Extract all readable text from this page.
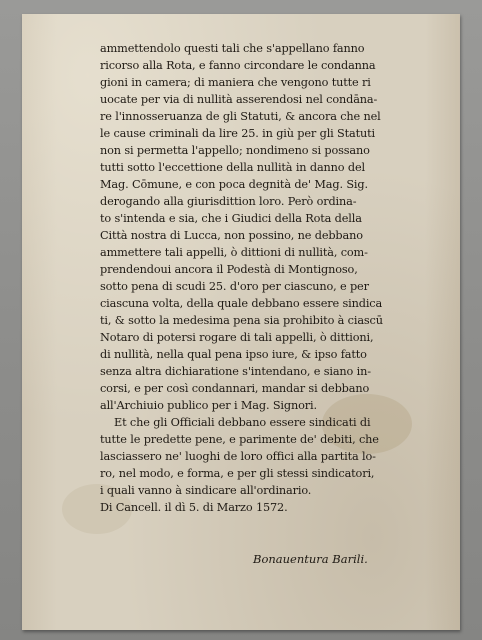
ammettendolo questi tali che s'appellano fanno
ricorso alla Rota, e fanno circondare le condanna
gioni in camera; di maniera che vengono tutte ri
uocate per via di nullità asserendosi nel condāna-
re l'innosseruanza de gli Statuti, & ancora che nel
le cause criminali da lire 25. in giù per gli Statuti
non si permetta l'appello; nondimeno si possano
tutti sotto l'eccettione della nullità in danno del
Mag. Cōmune, e con poca degnità de' Mag. Sig.
derogando alla giurisdittion loro. Però ordina-
to s'intenda e sia, che i Giudici della Rota della
Città nostra di Lucca, non possino, ne debbano
ammettere tali appelli, ò dittioni di nullità, com-
prendendoui ancora il Podestà di Montignoso,
sotto pena di scudi 25. d'oro per ciascuno, e per
ciascuna volta, della quale debbano essere sindica
ti, & sotto la medesima pena sia prohibito à ciascū
Notaro di potersi rogare di tali appelli, ò dittioni,
di nullità, nella qual pena ipso iure, & ipso fatto
senza altra dichiaratione s'intendano, e siano in-
corsi, e per così condannari, mandar si debbano
all'Archiuio publico per i Mag. Signori.
Et che gli Officiali debbano essere sindicati di
tutte le predette pene, e parimente de' debiti, che
lasciassero ne' luoghi de loro offici alla partita lo-
ro, nel modo, e forma, e per gli stessi sindicatori,
i quali vanno à sindicare all'ordinario.
Di Cancell. il dì 5. di Marzo 1572.
Bonauentura Barili.
